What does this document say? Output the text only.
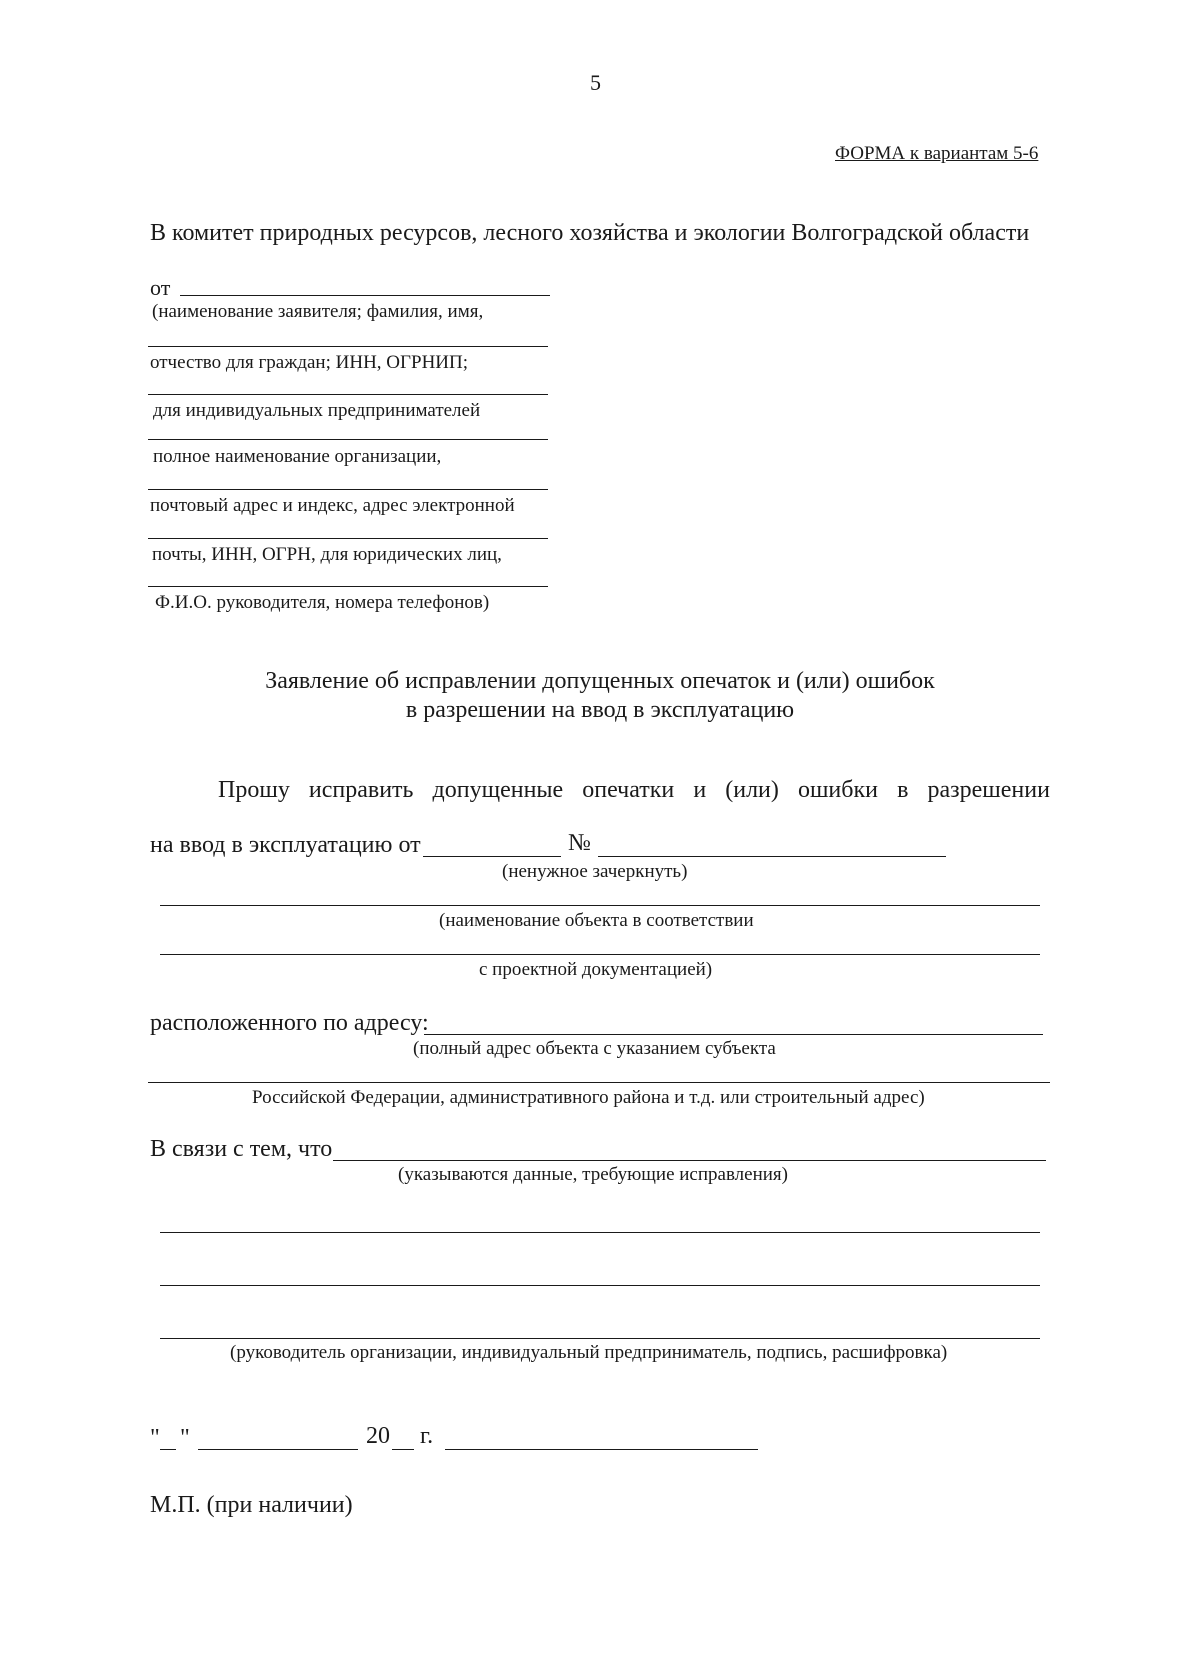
5
ФОРМА к вариантам 5-6
В комитет природных ресурсов, лесного хозяйства и экологии Волгоградской области
от
(наименование заявителя; фамилия, имя,
отчество для граждан; ИНН, ОГРНИП;
для индивидуальных предпринимателей
полное наименование организации,
почтовый адрес и индекс, адрес электронной
почты, ИНН, ОГРН, для юридических лиц,
Ф.И.О. руководителя, номера телефонов)
Заявление об исправлении допущенных опечаток и (или) ошибок
в разрешении на ввод в эксплуатацию
Прошу исправить допущенные опечатки и (или) ошибки в разрешении
на ввод в эксплуатацию от	№
(ненужное зачеркнуть)
(наименование объекта в соответствии
с проектной документацией)
расположенного по адресу:
(полный адрес объекта с указанием субъекта
Российской Федерации, административного района и т.д. или строительный адрес)
В связи с тем, что
(указываются данные, требующие исправления)
(руководитель организации, индивидуальный предприниматель, подпись, расшифровка)
" "	20 г.
М.П. (при наличии)
